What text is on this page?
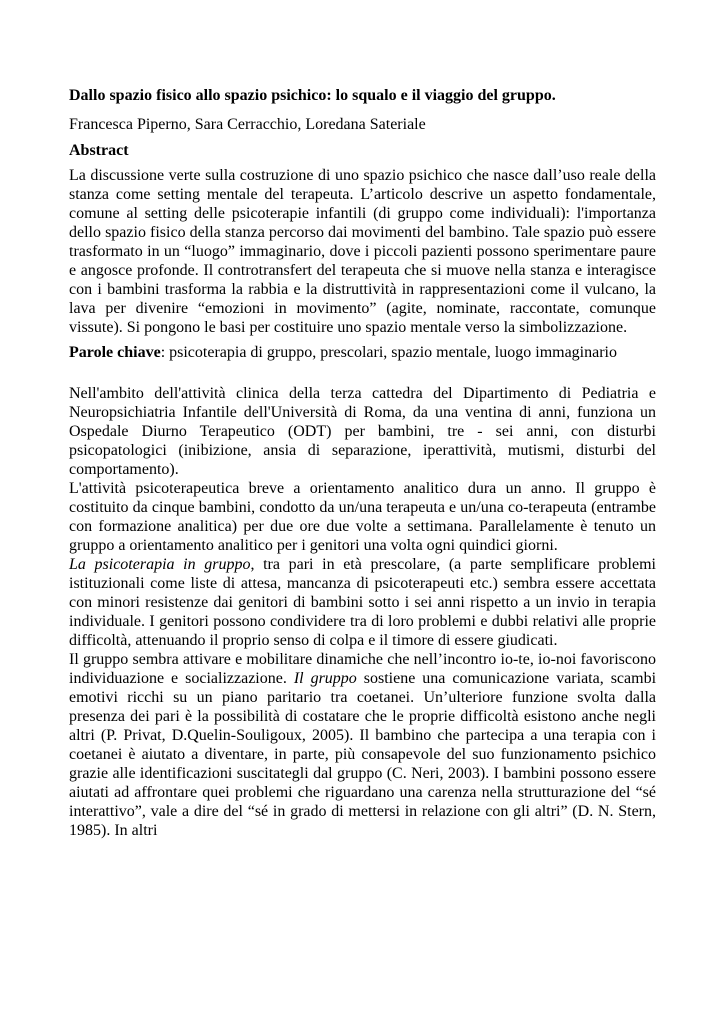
Dallo spazio fisico allo spazio psichico: lo squalo e il viaggio del gruppo.
Francesca Piperno, Sara Cerracchio, Loredana Sateriale
Abstract

La discussione verte sulla costruzione di uno spazio psichico che nasce dall’uso reale della stanza come setting mentale del terapeuta. L’articolo descrive un aspetto fondamentale, comune al setting delle psicoterapie infantili (di gruppo come individuali): l'importanza dello spazio fisico della stanza percorso dai movimenti del bambino. Tale spazio può essere trasformato in un “luogo” immaginario, dove i piccoli pazienti possono sperimentare paure e angosce profonde. Il controtransfert del terapeuta che si muove nella stanza e interagisce con i bambini trasforma la rabbia e la distruttività in rappresentazioni come il vulcano, la lava per divenire “emozioni in movimento” (agite, nominate, raccontate, comunque vissute). Si pongono le basi per costituire uno spazio mentale verso la simbolizzazione.

Parole chiave: psicoterapia di gruppo, prescolari, spazio mentale, luogo immaginario

Nell'ambito dell'attività clinica della terza cattedra del Dipartimento di Pediatria e Neuropsichiatria Infantile dell'Università di Roma, da una ventina di anni, funziona un Ospedale Diurno Terapeutico (ODT) per bambini, tre - sei anni, con disturbi psicopatologici (inibizione, ansia di separazione, iperattività, mutismi, disturbi del comportamento).

L'attività psicoterapeutica breve a orientamento analitico dura un anno. Il gruppo è costituito da cinque bambini, condotto da un/una terapeuta e un/una co-terapeuta (entrambe con formazione analitica) per due ore due volte a settimana. Parallelamente è tenuto un gruppo a orientamento analitico per i genitori una volta ogni quindici giorni.

La psicoterapia in gruppo, tra pari in età prescolare, (a parte semplificare problemi istituzionali come liste di attesa, mancanza di psicoterapeuti etc.) sembra essere accettata con minori resistenze dai genitori di bambini sotto i sei anni rispetto a un invio in terapia individuale. I genitori possono condividere tra di loro problemi e dubbi relativi alle proprie difficoltà, attenuando il proprio senso di colpa e il timore di essere giudicati.

Il gruppo sembra attivare e mobilitare dinamiche che nell’incontro io-te, io-noi favoriscono individuazione e socializzazione. Il gruppo sostiene una comunicazione variata, scambi emotivi ricchi su un piano paritario tra coetanei. Un’ulteriore funzione svolta dalla presenza dei pari è la possibilità di costatare che le proprie difficoltà esistono anche negli altri (P. Privat, D.Quelin-Souligoux, 2005). Il bambino che partecipa a una terapia con i coetanei è aiutato a diventare, in parte, più consapevole del suo funzionamento psichico grazie alle identificazioni suscitategli dal gruppo (C. Neri, 2003). I bambini possono essere aiutati ad affrontare quei problemi che riguardano una carenza nella strutturazione del “sé interattivo”, vale a dire del “sé in grado di mettersi in relazione con gli altri” (D. N. Stern, 1985). In altri
